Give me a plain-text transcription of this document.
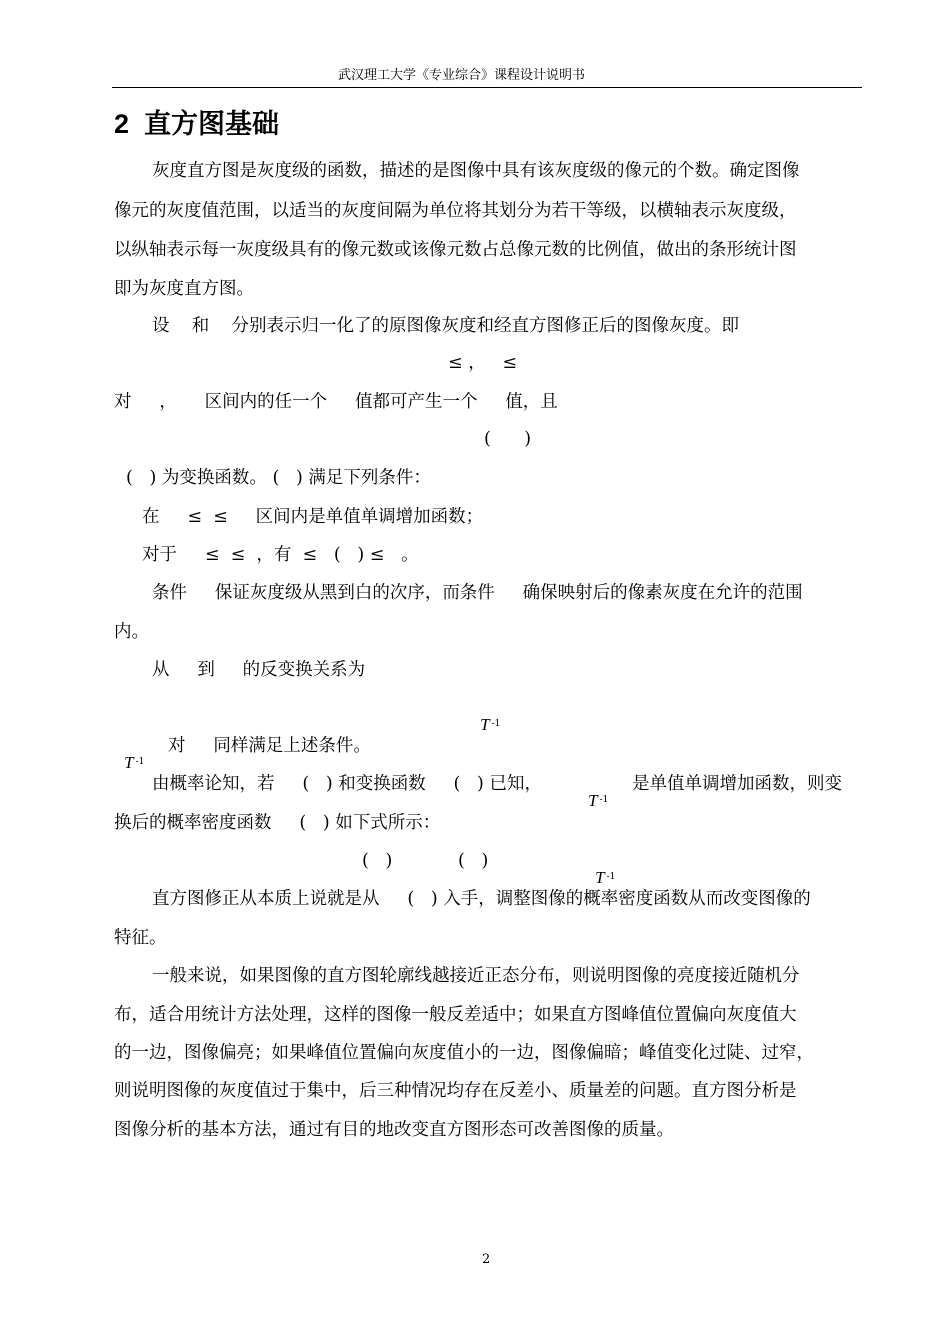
武汉理工大学《专业综合》课程设计说明书
2  直方图基础
灰度直方图是灰度级的函数，描述的是图像中具有该灰度级的像元的个数。确定图像
像元的灰度值范围，以适当的灰度间隔为单位将其划分为若干等级，以横轴表示灰度级，
以纵轴表示每一灰度级具有的像元数或该像元数占总像元数的比例值，做出的条形统计图
即为灰度直方图。
设    和    分别表示归一化了的原图像灰度和经直方图修正后的图像灰度。即
≤ ，   ≤
对     ，     区间内的任一个     值都可产生一个     值，且
(      )
(   ) 为变换函数。 (   ) 满足下列条件：
在     ≤  ≤     区间内是单值单调增加函数；
对于     ≤  ≤  ，有  ≤   (   ) ≤   。
条件     保证灰度级从黑到白的次序，而条件     确保映射后的像素灰度在允许的范围
内。
从     到     的反变换关系为

T $^{-1}$

T $^{-1}$

对     同样满足上述条件。
由概率论知，若     (   ) 和变换函数     (   ) 已知，

T $^{-1}$

是单值单调增加函数，则变
换后的概率密度函数     (   ) 如下式所示：
(   )	(   )

T $^{-1}$

直方图修正从本质上说就是从     (   ) 入手，调整图像的概率密度函数从而改变图像的
特征。
一般来说，如果图像的直方图轮廓线越接近正态分布，则说明图像的亮度接近随机分
布，适合用统计方法处理，这样的图像一般反差适中；如果直方图峰值位置偏向灰度值大
的一边，图像偏亮；如果峰值位置偏向灰度值小的一边，图像偏暗；峰值变化过陡、过窄，
则说明图像的灰度值过于集中，后三种情况均存在反差小、质量差的问题。直方图分析是
图像分析的基本方法，通过有目的地改变直方图形态可改善图像的质量。
2
